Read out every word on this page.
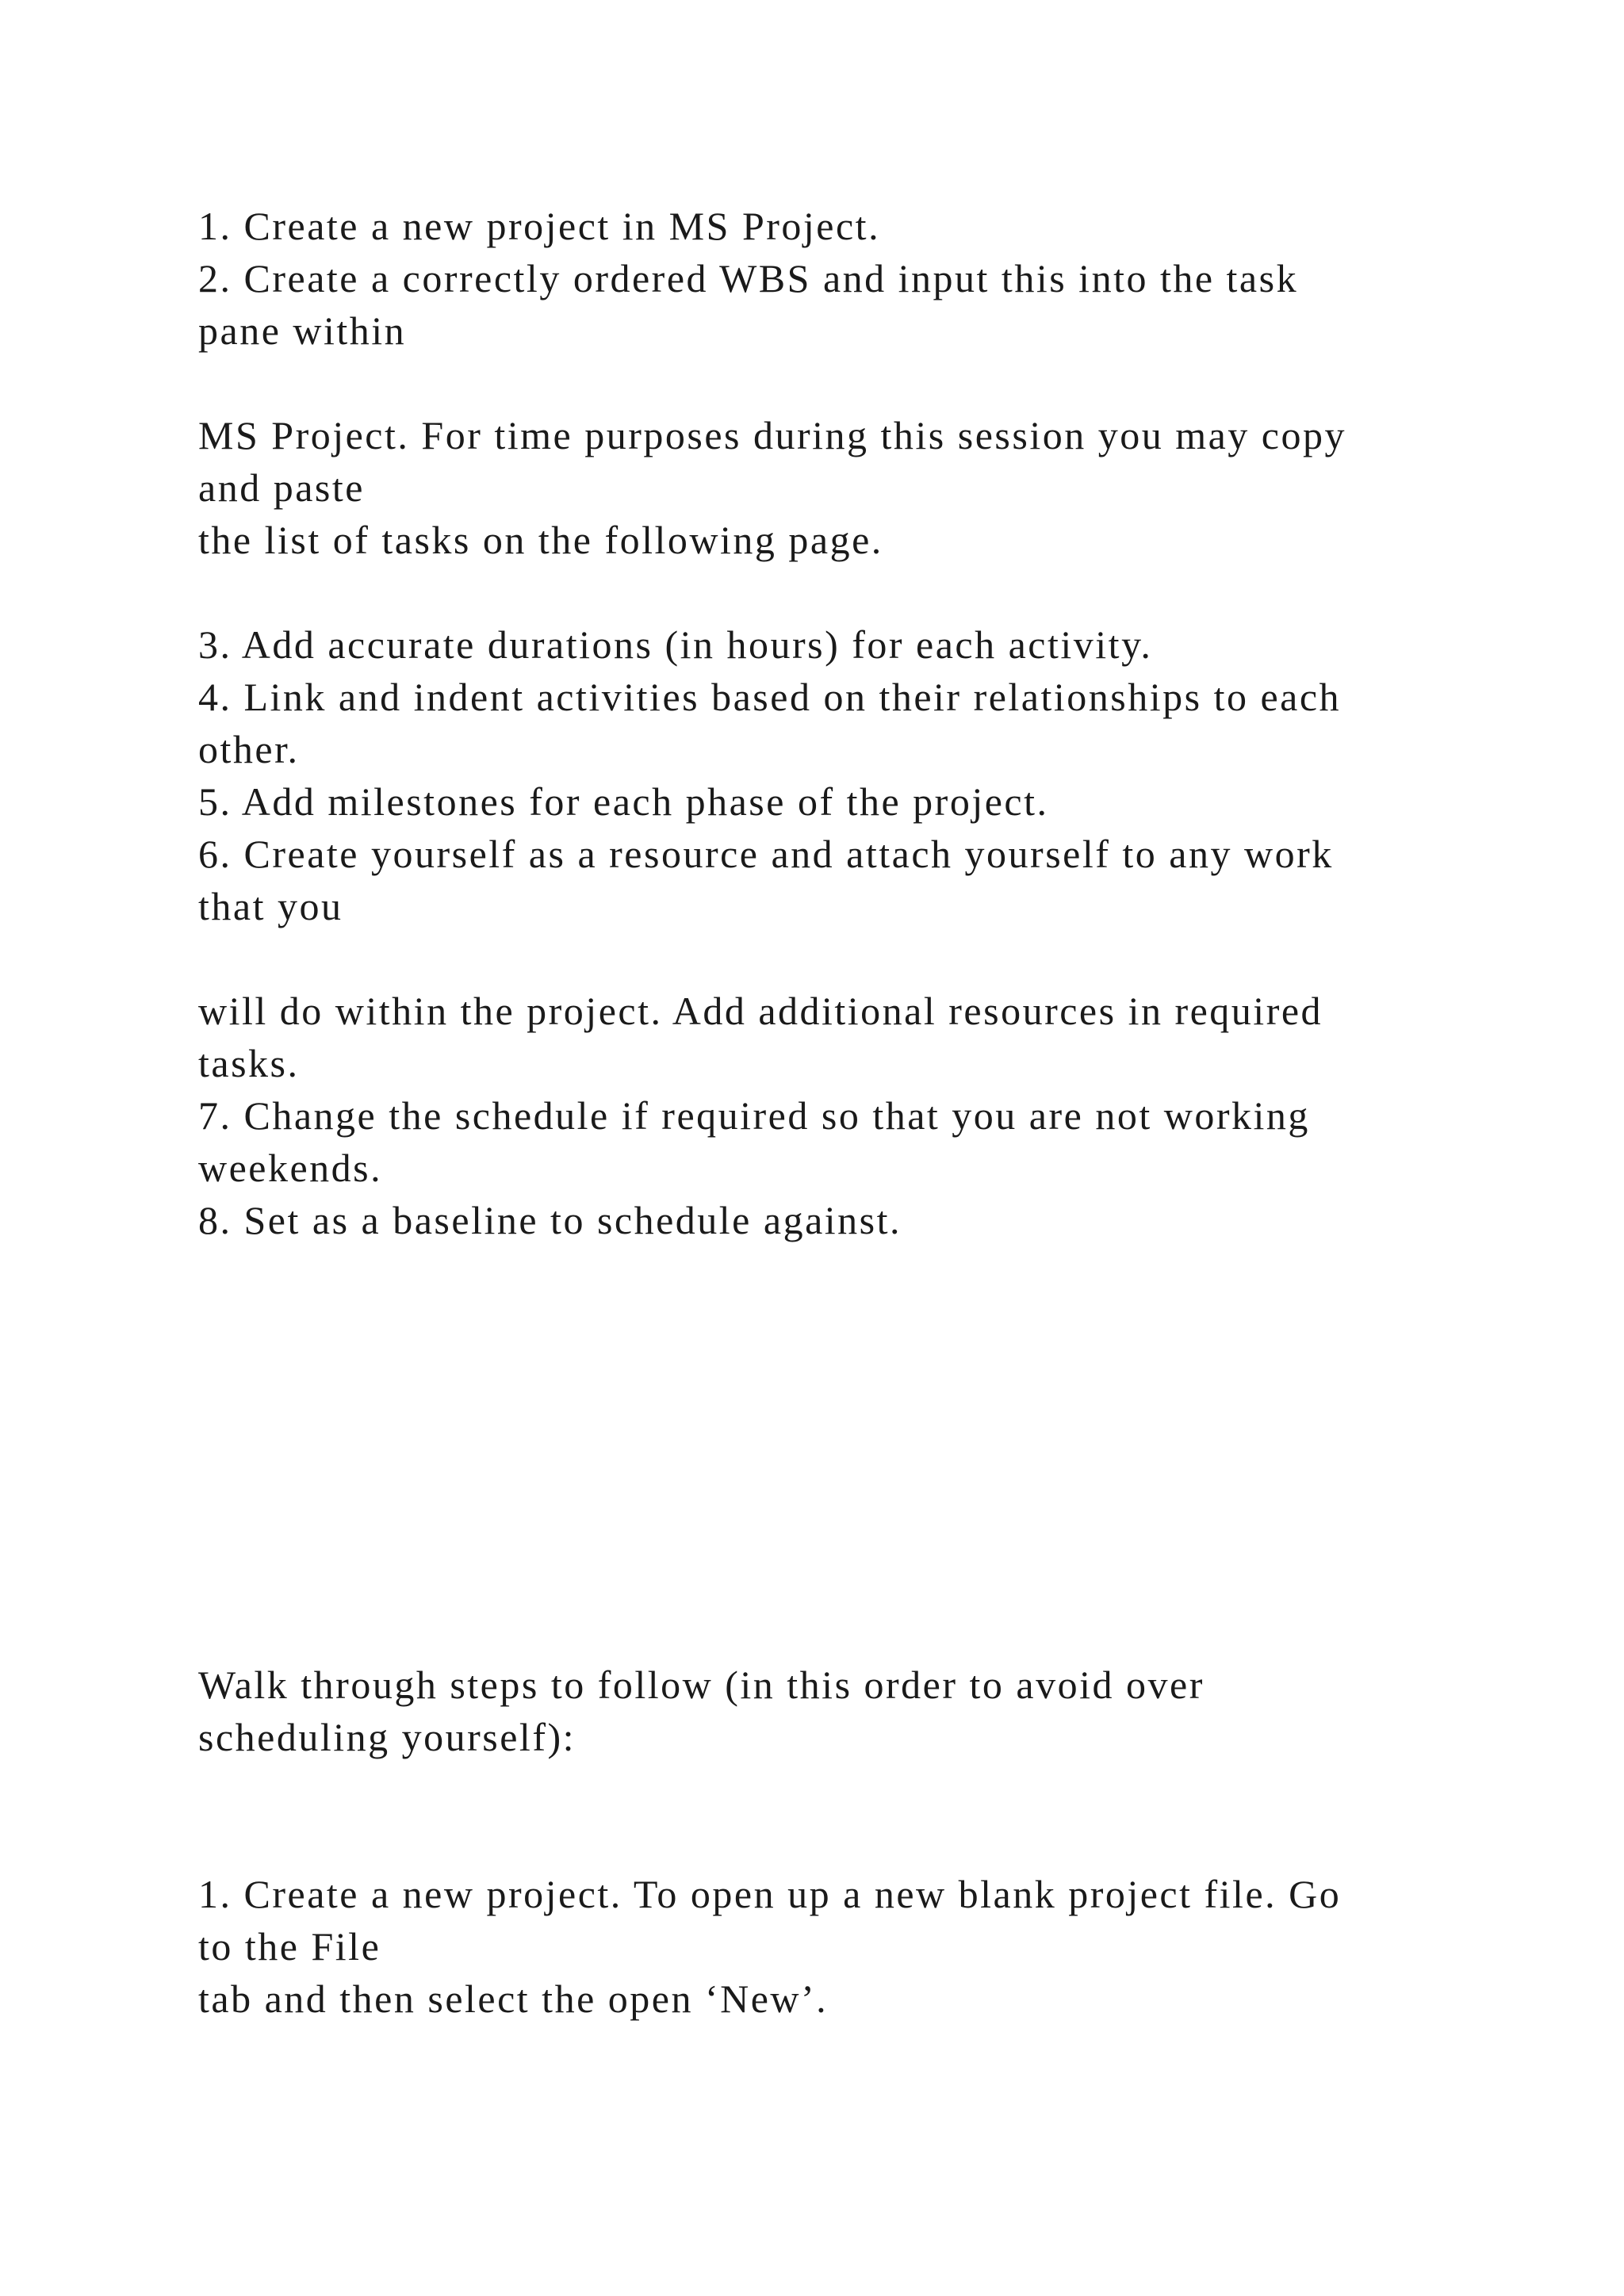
1. Create a new project in MS Project.
2. Create a correctly ordered WBS and input this into the task
pane within
MS Project. For time purposes during this session you may copy
and paste
the list of tasks on the following page.
3. Add accurate durations (in hours) for each activity.
4. Link and indent activities based on their relationships to each
other.
5. Add milestones for each phase of the project.
6. Create yourself as a resource and attach yourself to any work
that you
will do within the project. Add additional resources in required
tasks.
7. Change the schedule if required so that you are not working
weekends.
8. Set as a baseline to schedule against.
Walk through steps to follow (in this order to avoid over
scheduling yourself):
1. Create a new project. To open up a new blank project file. Go
to the File
tab and then select the open ‘New’.
